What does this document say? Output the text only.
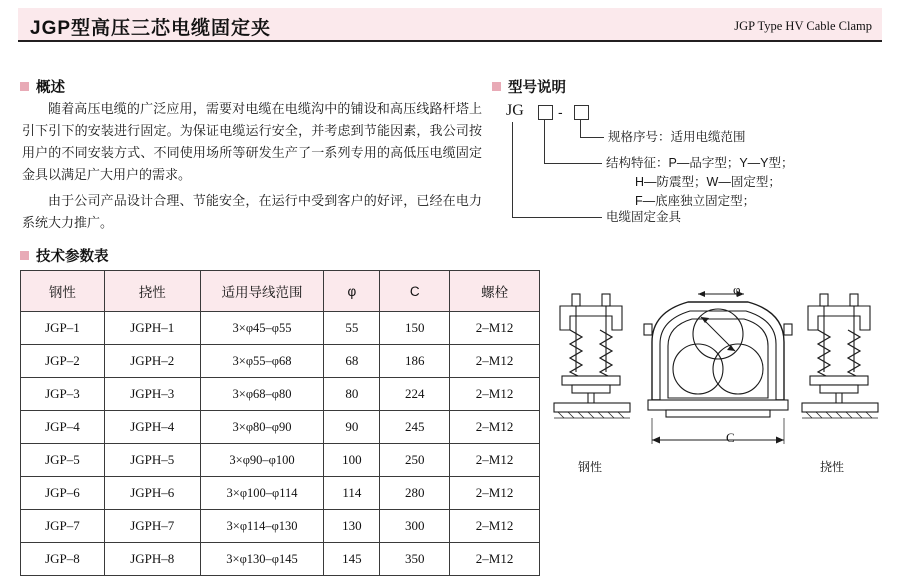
JGP型高压三芯电缆固定夹	JGP Type HV Cable Clamp
概述	型号说明
技术参数表

随着高压电缆的广泛应用，需要对电缆在电缆沟中的铺设和高压线路杆塔上引下引下的安装进行固定。为保证电缆运行安全，并考虑到节能因素，我公司按用户的不同安装方式、不同使用场所等研发生产了一系列专用的高低压电缆固定金具以满足广大用户的需求。

由于公司产品设计合理、节能安全，在运行中受到客户的好评，已经在电力系统大力推广。

JG -
规格序号：适用电缆范围
结构特征：P—品字型；Y—Y型；
H—防震型；W—固定型；
F—底座独立固定型；
电缆固定金具
钢性	挠性	适用导线范围	φ	C	螺栓
JGP–1	JGPH–1	3×φ45–φ55	55	150	2–M12
JGP–2	JGPH–2	3×φ55–φ68	68	186	2–M12
JGP–3	JGPH–3	3×φ68–φ80	80	224	2–M12
JGP–4	JGPH–4	3×φ80–φ90	90	245	2–M12
JGP–5	JGPH–5	3×φ90–φ100	100	250	2–M12
JGP–6	JGPH–6	3×φ100–φ114	114	280	2–M12
JGP–7	JGPH–7	3×φ114–φ130	130	300	2–M12
JGP–8	JGPH–8	3×φ130–φ145	145	350	2–M12
φ
C
钢性	挠性
